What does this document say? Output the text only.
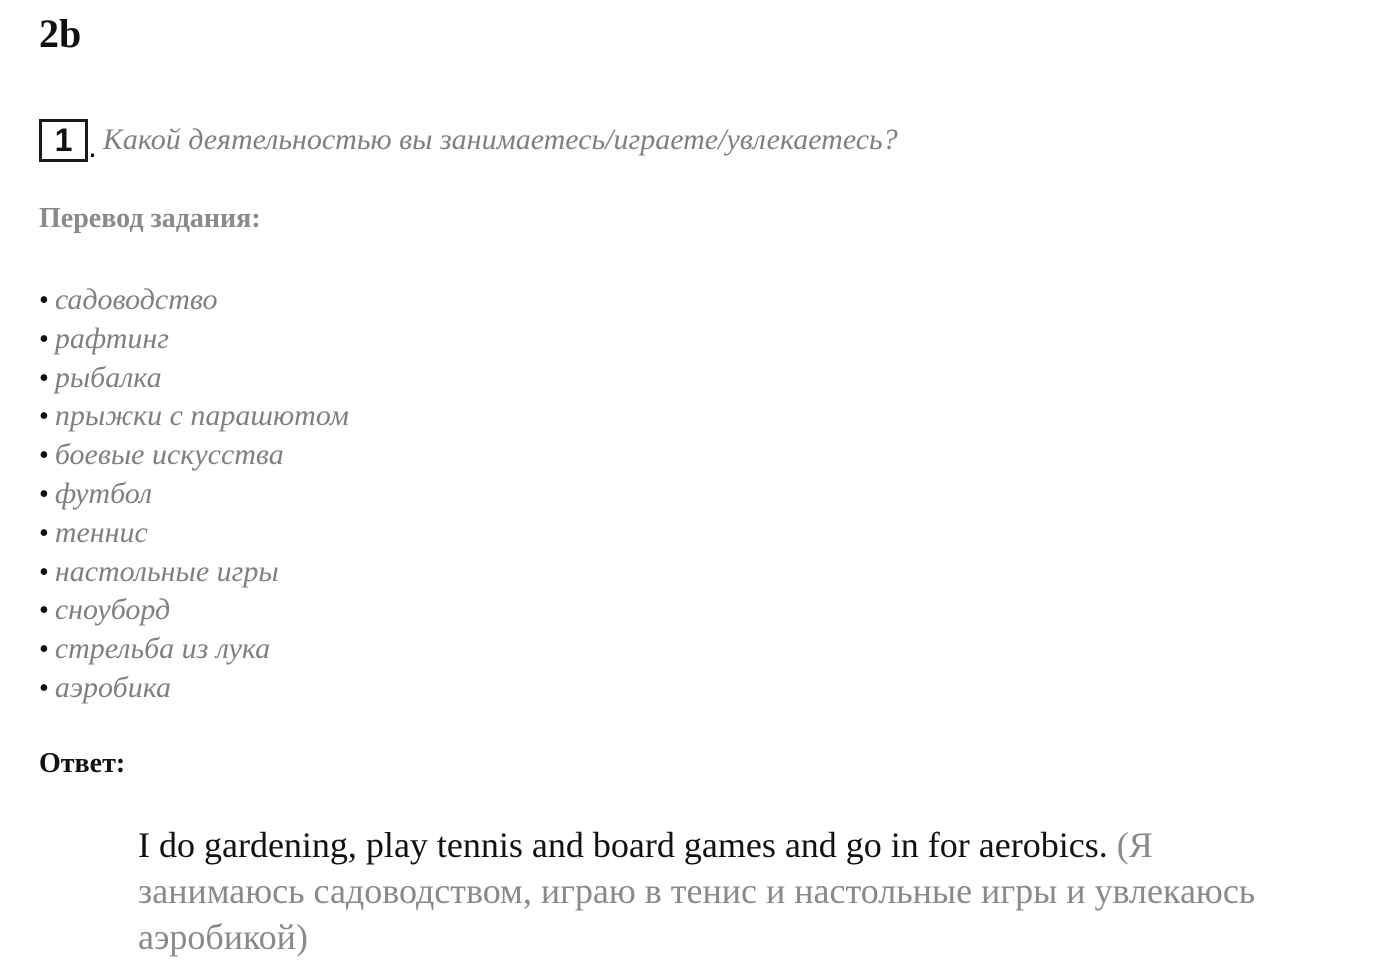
2b
1 . Какой деятельностью вы занимаетесь/играете/увлекаетесь?
Перевод задания:
• садоводство
• рафтинг
• рыбалка
• прыжки с парашютом
• боевые искусства
• футбол
• теннис
• настольные игры
• сноуборд
• стрельба из лука
• аэробика
Ответ:

I do gardening, play tennis and board games and go in for aerobics. (Я занимаюсь садоводством, играю в тенис и настольные игры и увлекаюсь аэробикой)
